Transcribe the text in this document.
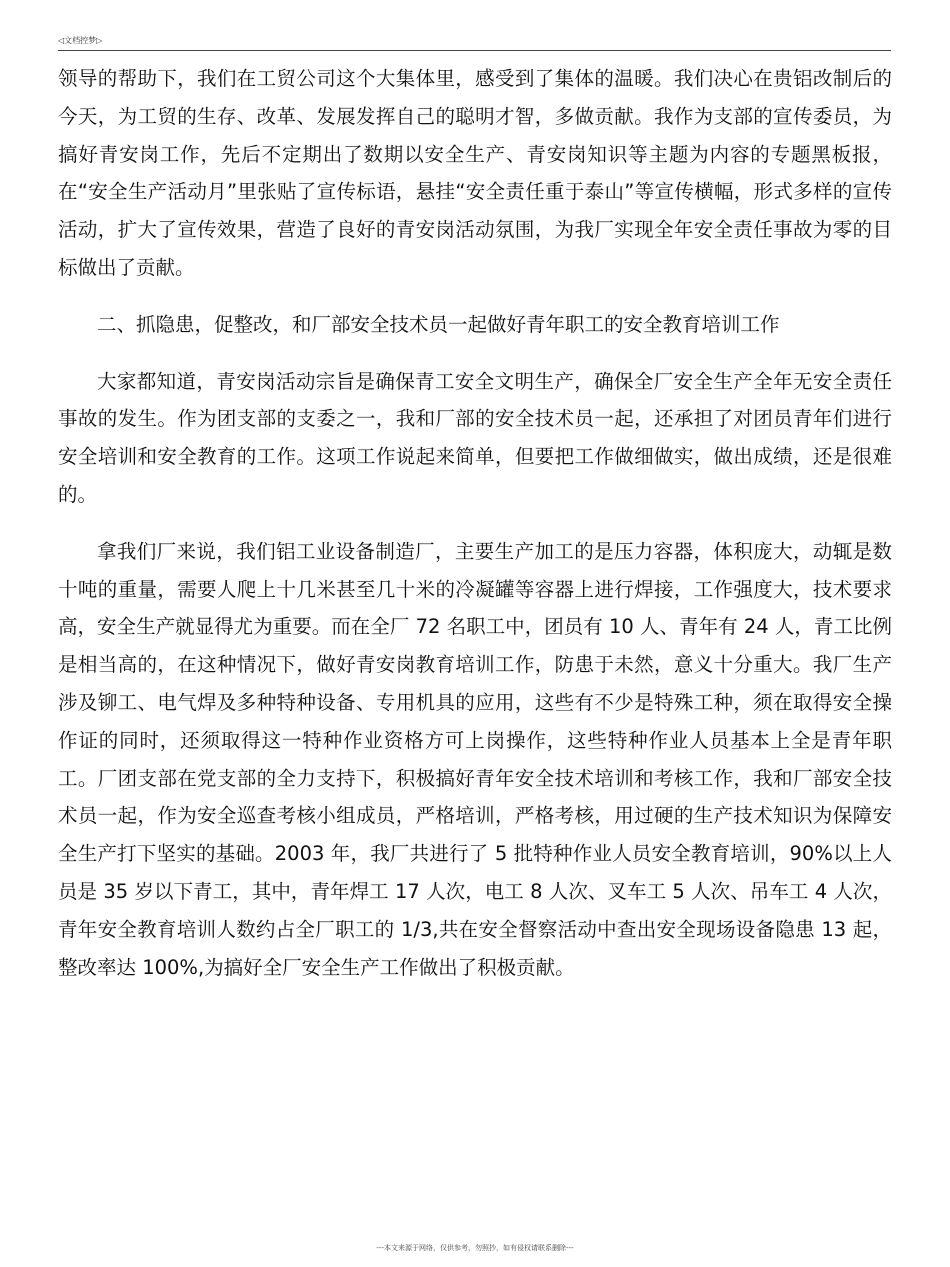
◁文档控梦▷

领导的帮助下，我们在工贸公司这个大集体里，感受到了集体的温暖。我们决心在贵铝改制后的今天，为工贸的生存、改革、发展发挥自己的聪明才智，多做贡献。我作为支部的宣传委员，为搞好青安岗工作，先后不定期出了数期以安全生产、青安岗知识等主题为内容的专题黑板报，在“安全生产活动月”里张贴了宣传标语，悬挂“安全责任重于泰山”等宣传横幅，形式多样的宣传活动，扩大了宣传效果，营造了良好的青安岗活动氛围，为我厂实现全年安全责任事故为零的目标做出了贡献。

二、抓隐患，促整改，和厂部安全技术员一起做好青年职工的安全教育培训工作

大家都知道，青安岗活动宗旨是确保青工安全文明生产，确保全厂安全生产全年无安全责任事故的发生。作为团支部的支委之一，我和厂部的安全技术员一起，还承担了对团员青年们进行安全培训和安全教育的工作。这项工作说起来简单，但要把工作做细做实，做出成绩，还是很难的。

拿我们厂来说，我们铝工业设备制造厂，主要生产加工的是压力容器，体积庞大，动辄是数十吨的重量，需要人爬上十几米甚至几十米的冷凝罐等容器上进行焊接，工作强度大，技术要求高，安全生产就显得尤为重要。而在全厂 72 名职工中，团员有 10 人、青年有 24 人，青工比例是相当高的，在这种情况下，做好青安岗教育培训工作，防患于未然，意义十分重大。我厂生产涉及铆工、电气焊及多种特种设备、专用机具的应用，这些有不少是特殊工种，须在取得安全操作证的同时，还须取得这一特种作业资格方可上岗操作，这些特种作业人员基本上全是青年职工。厂团支部在党支部的全力支持下，积极搞好青年安全技术培训和考核工作，我和厂部安全技术员一起，作为安全巡查考核小组成员，严格培训，严格考核，用过硬的生产技术知识为保障安全生产打下坚实的基础。2003 年，我厂共进行了 5 批特种作业人员安全教育培训，90%以上人员是 35 岁以下青工，其中，青年焊工 17 人次，电工 8 人次、叉车工 5 人次、吊车工 4 人次，青年安全教育培训人数约占全厂职工的 1/3,共在安全督察活动中查出安全现场设备隐患 13 起，整改率达 100%,为搞好全厂安全生产工作做出了积极贡献。

---本文来源于网络，仅供参考，勿照抄，如有侵权请联系删除---
